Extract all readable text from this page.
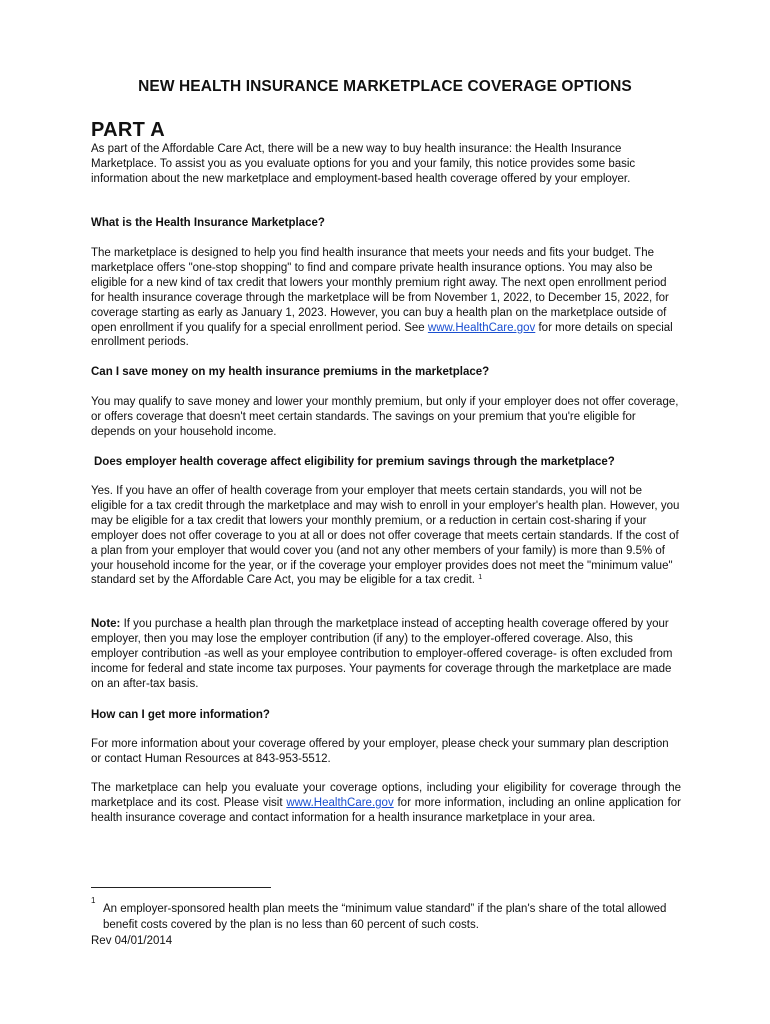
NEW HEALTH INSURANCE MARKETPLACE COVERAGE OPTIONS
PART A
As part of the Affordable Care Act, there will be a new way to buy health insurance: the Health Insurance Marketplace. To assist you as you evaluate options for you and your family, this notice provides some basic information about the new marketplace and employment-based health coverage offered by your employer.
What is the Health Insurance Marketplace?
The marketplace is designed to help you find health insurance that meets your needs and fits your budget. The marketplace offers "one-stop shopping" to find and compare private health insurance options. You may also be eligible for a new kind of tax credit that lowers your monthly premium right away. The next open enrollment period for health insurance coverage through the marketplace will be from November 1, 2022, to December 15, 2022, for coverage starting as early as January 1, 2023. However, you can buy a health plan on the marketplace outside of open enrollment if you qualify for a special enrollment period. See www.HealthCare.gov for more details on special enrollment periods.
Can I save money on my health insurance premiums in the marketplace?
You may qualify to save money and lower your monthly premium, but only if your employer does not offer coverage, or offers coverage that doesn't meet certain standards. The savings on your premium that you're eligible for depends on your household income.
Does employer health coverage affect eligibility for premium savings through the marketplace?
Yes. If you have an offer of health coverage from your employer that meets certain standards, you will not be eligible for a tax credit through the marketplace and may wish to enroll in your employer's health plan. However, you may be eligible for a tax credit that lowers your monthly premium, or a reduction in certain cost-sharing if your employer does not offer coverage to you at all or does not offer coverage that meets certain standards. If the cost of a plan from your employer that would cover you (and not any other members of your family) is more than 9.5% of your household income for the year, or if the coverage your employer provides does not meet the "minimum value" standard set by the Affordable Care Act, you may be eligible for a tax credit. $^1$
Note: If you purchase a health plan through the marketplace instead of accepting health coverage offered by your employer, then you may lose the employer contribution (if any) to the employer-offered coverage. Also, this employer contribution -as well as your employee contribution to employer-offered coverage- is often excluded from income for federal and state income tax purposes. Your payments for coverage through the marketplace are made on an after-tax basis.
How can I get more information?
For more information about your coverage offered by your employer, please check your summary plan description or contact Human Resources at 843-953-5512.
The marketplace can help you evaluate your coverage options, including your eligibility for coverage through the marketplace and its cost. Please visit www.HealthCare.gov for more information, including an online application for health insurance coverage and contact information for a health insurance marketplace in your area.
1
An employer-sponsored health plan meets the “minimum value standard” if the plan's share of the total allowed benefit costs covered by the plan is no less than 60 percent of such costs.
Rev 04/01/2014
